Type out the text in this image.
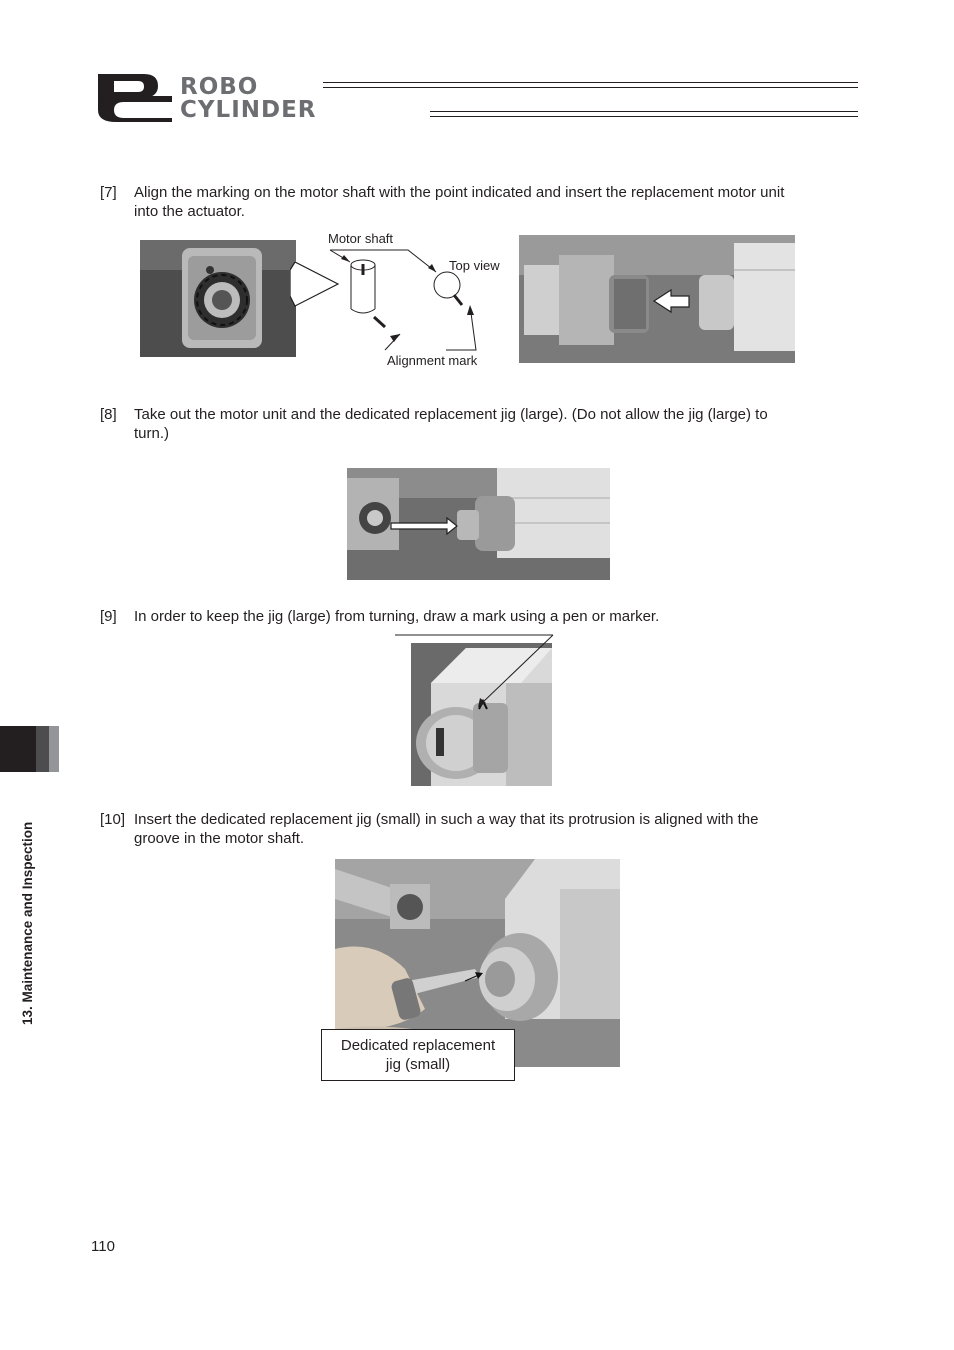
ROBO
CYLINDER
[7] Align the marking on the motor shaft with the point indicated and insert the replacement motor unit
into the actuator.
Motor shaft
Top view
Alignment mark
[8] Take out the motor unit and the dedicated replacement jig (large). (Do not allow the jig (large) to
turn.)
[9] In order to keep the jig (large) from turning, draw a mark using a pen or marker.
[10] Insert the dedicated replacement jig (small) in such a way that its protrusion is aligned with the
groove in the motor shaft.
Dedicated replacement
jig (small)
13. Maintenance and Inspection
110
